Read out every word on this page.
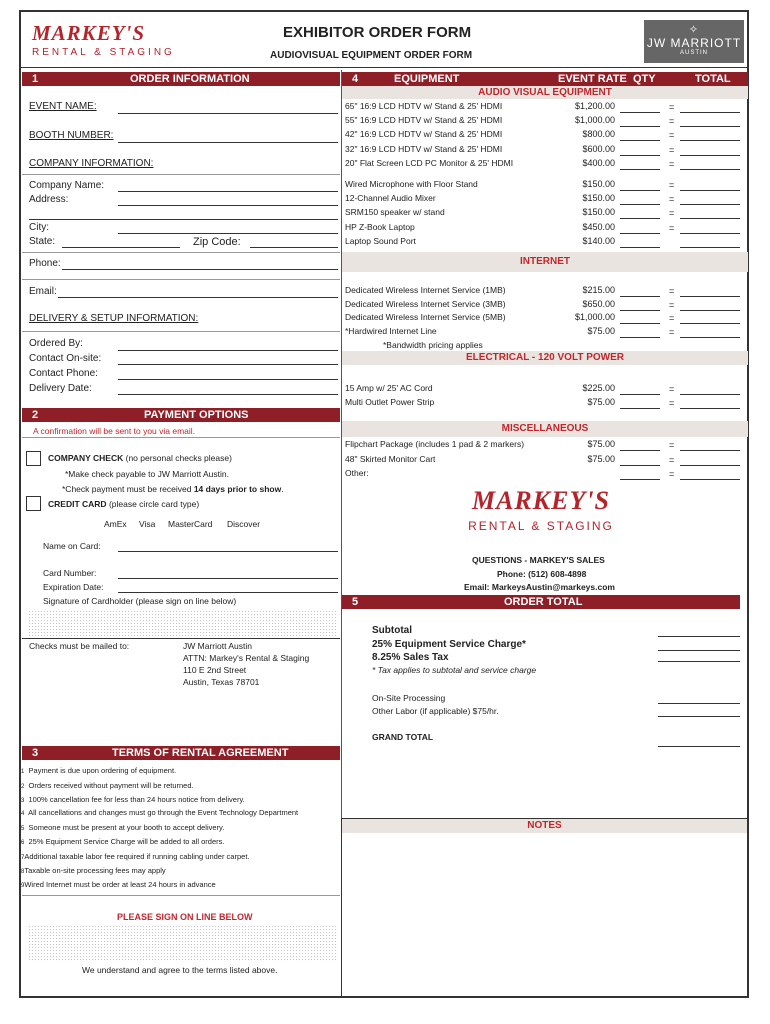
MARKEY'S
RENTAL & STAGING
EXHIBITOR ORDER FORM
AUDIOVISUAL EQUIPMENT ORDER FORM
✧
JW MARRIOTT
AUSTIN
1	ORDER INFORMATION
EVENT NAME:
BOOTH NUMBER:
COMPANY INFORMATION:
Company Name:
Address:
City:
State:	Zip Code:
Phone:
Email:
DELIVERY & SETUP INFORMATION:
Ordered By:
Contact On-site:
Contact Phone:
Delivery Date:
2	PAYMENT OPTIONS
A confirmation will be sent to you via email.
COMPANY CHECK (no personal checks please)
*Make check payable to JW Marriott Austin.
*Check payment must be received 14 days prior to show.
CREDIT CARD (please circle card type)
AmEx Visa MasterCard Discover
Name on Card:
Card Number:
Expiration Date:
Signature of Cardholder (please sign on line below)
Checks must be mailed to:	JW Marriott Austin
ATTN: Markey's Rental & Staging
110 E 2nd Street
Austin, Texas 78701
3	TERMS OF RENTAL AGREEMENT
1 Payment is due upon ordering of equipment.
2 Orders received without payment will be returned.
3 100% cancellation fee for less than 24 hours notice from delivery.
4 All cancellations and changes must go through the Event Technology Department
5 Someone must be present at your booth to accept delivery.
6 25% Equipment Service Charge will be added to all orders.
7Additional taxable labor fee required if running cabling under carpet.
8Taxable on-site processing fees may apply
9Wired Internet must be order at least 24 hours in advance
PLEASE SIGN ON LINE BELOW
We understand and agree to the terms listed above.
4	EQUIPMENT	EVENT RATE QTY	TOTAL
AUDIO VISUAL EQUIPMENT
65" 16:9 LCD HDTV w/ Stand & 25' HDMI	$1,200.00	=
55" 16:9 LCD HDTV w/ Stand & 25' HDMI	$1,000.00	=
42" 16:9 LCD HDTV w/ Stand & 25' HDMI	$800.00	=
32" 16:9 LCD HDTV w/ Stand & 25' HDMI	$600.00	=
20" Flat Screen LCD PC Monitor & 25' HDMI	$400.00	=
Wired Microphone with Floor Stand	$150.00	=
12-Channel Audio Mixer	$150.00	=
SRM150 speaker w/ stand	$150.00	=
HP Z-Book Laptop	$450.00	=
Laptop Sound Port	$140.00
INTERNET
Dedicated Wireless Internet Service (1MB)	$215.00	=
Dedicated Wireless Internet Service (3MB)	$650.00	=
Dedicated Wireless Internet Service (5MB)	$1,000.00	=
*Hardwired Internet Line	$75.00	=
*Bandwidth pricing applies
ELECTRICAL - 120 VOLT POWER
15 Amp w/ 25' AC Cord	$225.00	=
Multi Outlet Power Strip	$75.00	=
MISCELLANEOUS
Flipchart Package (includes 1 pad & 2 markers)	$75.00	=
48" Skirted Monitor Cart	$75.00	=
Other:	=
MARKEY'S
RENTAL & STAGING
QUESTIONS - MARKEY'S SALES
Phone: (512) 608-4898
Email: MarkeysAustin@markeys.com
5	ORDER TOTAL
Subtotal
25% Equipment Service Charge*
8.25% Sales Tax
* Tax applies to subtotal and service charge
On-Site Processing
Other Labor (if applicable) $75/hr.
GRAND TOTAL
NOTES
